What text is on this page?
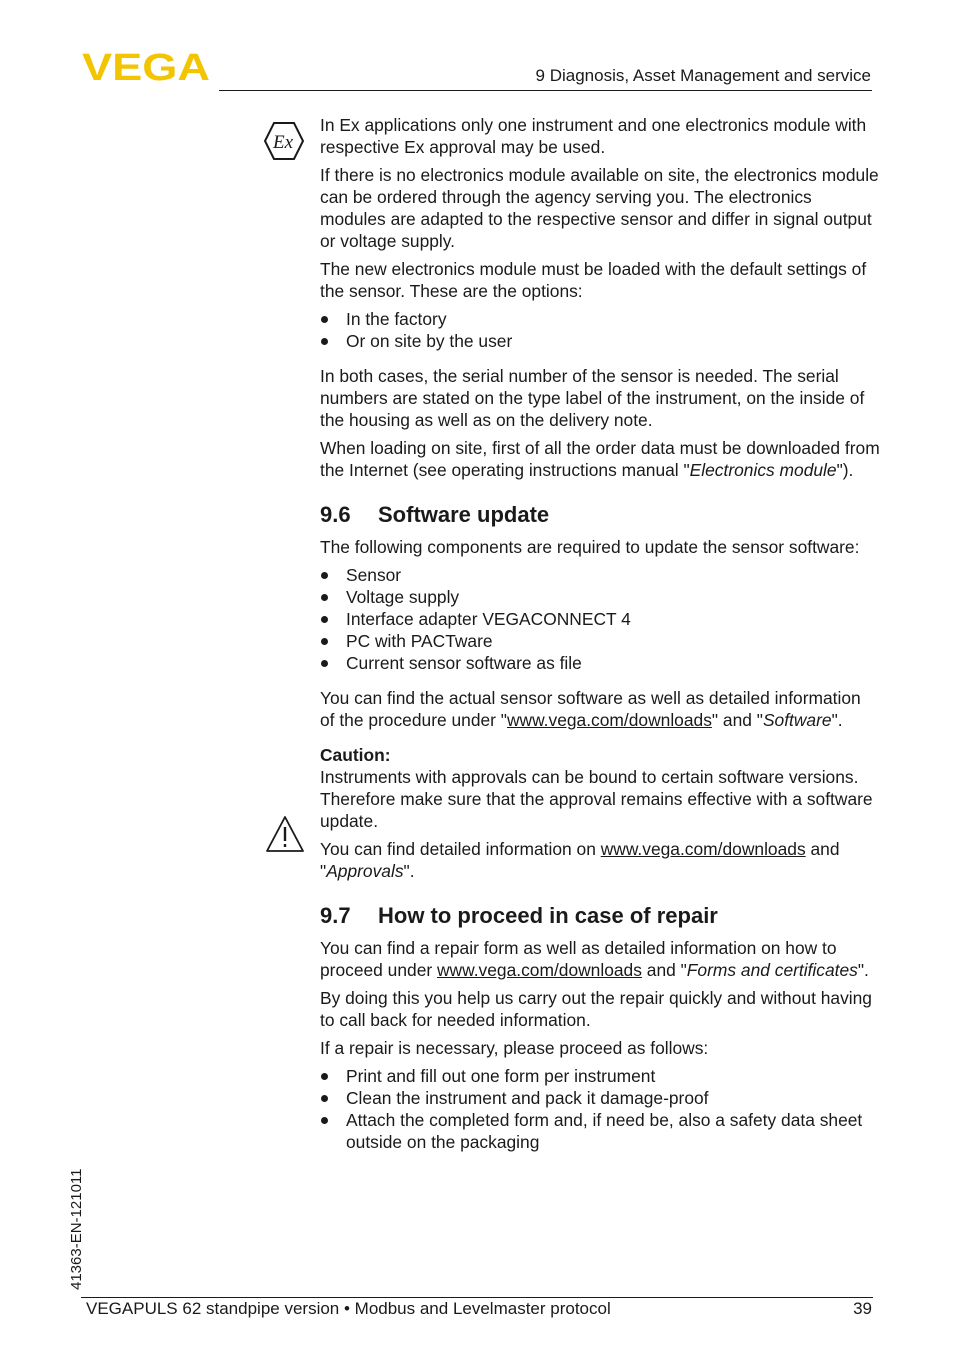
VEGA	9 Diagnosis, Asset Management and service
Ex

In Ex applications only one instrument and one electronics module with respective Ex approval may be used.

If there is no electronics module available on site, the electronics module can be ordered through the agency serving you. The electronics modules are adapted to the respective sensor and differ in signal output or voltage supply.

The new electronics module must be loaded with the default settings of the sensor. These are the options:

In the factory
Or on site by the user

In both cases, the serial number of the sensor is needed. The serial numbers are stated on the type label of the instrument, on the inside of the housing as well as on the delivery note.

When loading on site, first of all the order data must be downloaded from the Internet (see operating instructions manual "Electronics module").

9.6 Software update

The following components are required to update the sensor software:

Sensor
Voltage supply
Interface adapter VEGACONNECT 4
PC with PACTware
Current sensor software as file

You can find the actual sensor software as well as detailed information of the procedure under "www.vega.com/downloads" and "Software".

Caution:
Instruments with approvals can be bound to certain software versions. Therefore make sure that the approval remains effective with a software update.

You can find detailed information on www.vega.com/downloads and "Approvals".

9.7 How to proceed in case of repair

You can find a repair form as well as detailed information on how to proceed under www.vega.com/downloads and "Forms and certificates".

By doing this you help us carry out the repair quickly and without having to call back for needed information.

If a repair is necessary, please proceed as follows:

Print and fill out one form per instrument
Clean the instrument and pack it damage-proof
Attach the completed form and, if need be, also a safety data sheet outside on the packaging
41363-EN-121011
VEGAPULS 62 standpipe version • Modbus and Levelmaster protocol	39
